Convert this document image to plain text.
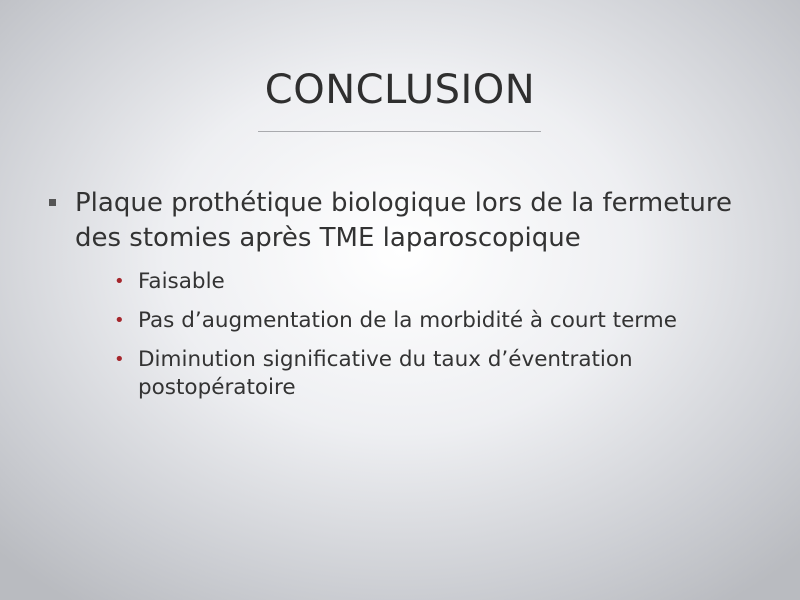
CONCLUSION
Plaque prothétique biologique lors de la fermeture des stomies après TME laparoscopique
• Faisable
• Pas d’augmentation de la morbidité à court terme
• Diminution significative du taux d’éventration postopératoire
